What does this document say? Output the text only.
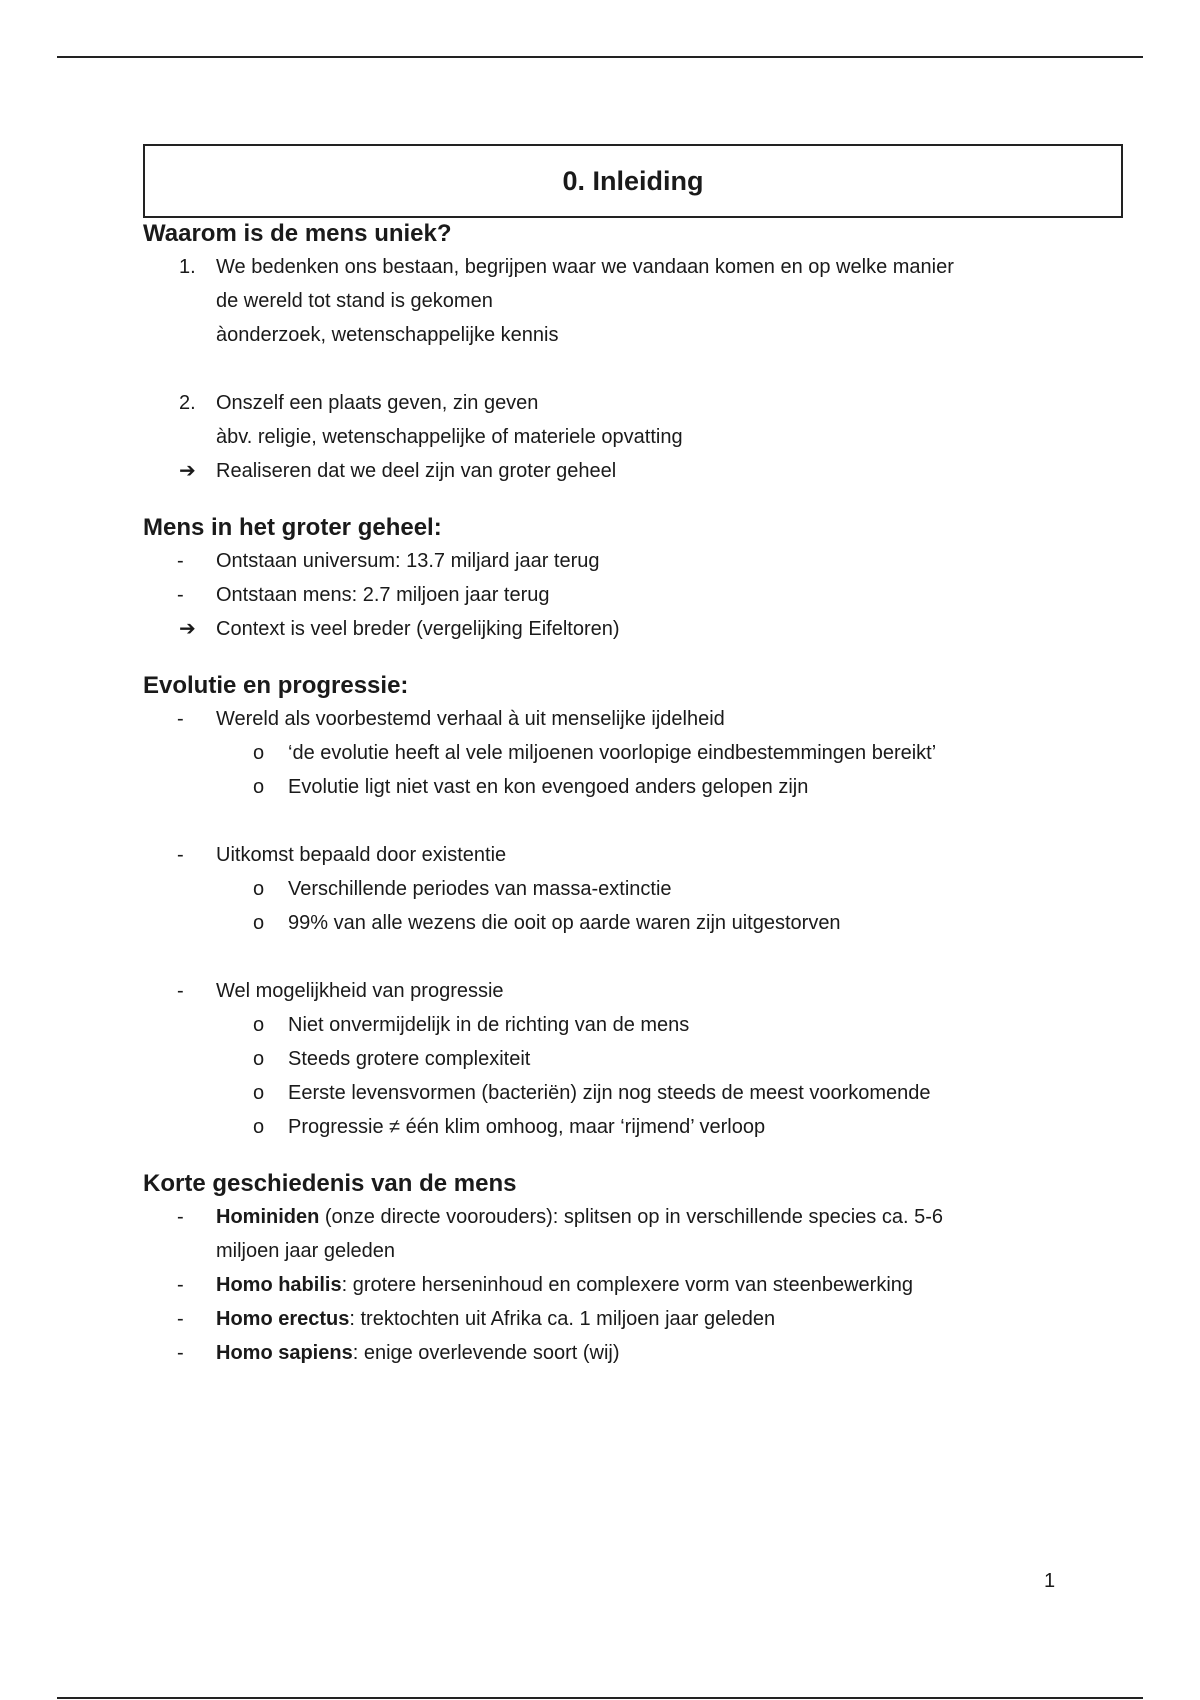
0. Inleiding
Waarom is de mens uniek?
1. We bedenken ons bestaan, begrijpen waar we vandaan komen en op welke manier
de wereld tot stand is gekomen
àonderzoek, wetenschappelijke kennis
2. Onszelf een plaats geven, zin geven
àbv. religie, wetenschappelijke of materiele opvatting
➔ Realiseren dat we deel zijn van groter geheel
Mens in het groter geheel:
- Ontstaan universum: 13.7 miljard jaar terug
- Ontstaan mens: 2.7 miljoen jaar terug
➔ Context is veel breder (vergelijking Eifeltoren)
Evolutie en progressie:
- Wereld als voorbestemd verhaal à uit menselijke ijdelheid
o ‘de evolutie heeft al vele miljoenen voorlopige eindbestemmingen bereikt’
o Evolutie ligt niet vast en kon evengoed anders gelopen zijn
- Uitkomst bepaald door existentie
o Verschillende periodes van massa-extinctie
o 99% van alle wezens die ooit op aarde waren zijn uitgestorven
- Wel mogelijkheid van progressie
o Niet onvermijdelijk in de richting van de mens
o Steeds grotere complexiteit
o Eerste levensvormen (bacteriën) zijn nog steeds de meest voorkomende
o Progressie ≠ één klim omhoog, maar ‘rijmend’ verloop
Korte geschiedenis van de mens
- Hominiden (onze directe voorouders): splitsen op in verschillende species ca. 5-6
miljoen jaar geleden
- Homo habilis: grotere herseninhoud en complexere vorm van steenbewerking
- Homo erectus: trektochten uit Afrika ca. 1 miljoen jaar geleden
- Homo sapiens: enige overlevende soort (wij)
1
